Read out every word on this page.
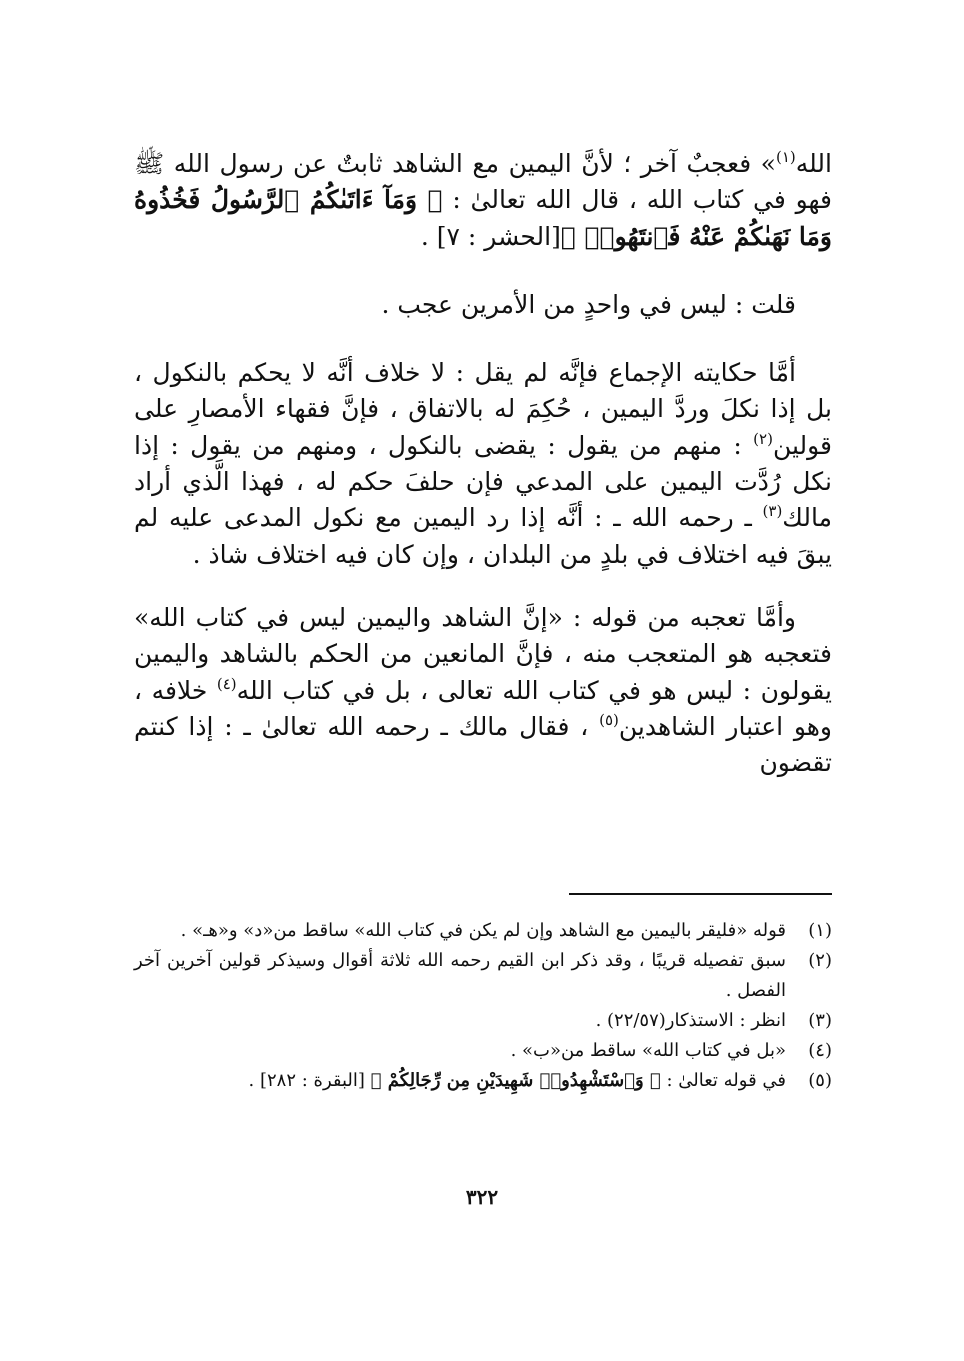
الله$^{(١)}$» فعجبٌ آخر ؛ لأنَّ اليمين مع الشاهد ثابتٌ عن رسول الله ﷺ فهو في كتاب الله ، قال الله تعالىٰ : ﴿ وَمَآ ءَاتَىٰكُمُ ٱلرَّسُولُ فَخُذُوهُ وَمَا نَهَىٰكُمْ عَنْهُ فَٱنتَهُوا۟ ﴾[الحشر : ٧] .

قلت : ليس في واحدٍ من الأمرين عجب .

أمَّا حكايته الإجماع فإنَّه لم يقل : لا خلاف أنَّه لا يحكم بالنكول ، بل إذا نكلَ وردَّ اليمين ، حُكِمَ له بالاتفاق ، فإنَّ فقهاء الأمصارِ على قولين$^{(٢)}$ : منهم من يقول : يقضى بالنكول ، ومنهم من يقول : إذا نكل رُدَّت اليمين على المدعي فإن حلفَ حكم له ، فهذا الَّذي أراد مالك$^{(٣)}$ ـ رحمه الله ـ : أنَّه إذا رد اليمين مع نكول المدعى عليه لم يبقَ فيه اختلاف في بلدٍ من البلدان ، وإن كان فيه اختلاف شاذ .

وأمَّا تعجبه من قوله : «إنَّ الشاهد واليمين ليس في كتاب الله» فتعجبه هو المتعجب منه ، فإنَّ المانعين من الحكم بالشاهد واليمين يقولون : ليس هو في كتاب الله تعالى ، بل في كتاب الله$^{(٤)}$ خلافه ، وهو اعتبار الشاهدين$^{(٥)}$ ، فقال مالك ـ رحمه الله تعالىٰ ـ : إذا كنتم تقضون

(١)
قوله «فليقر باليمين مع الشاهد وإن لم يكن في كتاب الله» ساقط من«د» و«هـ» .
(٢)
سبق تفصيله قريبًا ، وقد ذكر ابن القيم رحمه الله ثلاثة أقوال وسيذكر قولين آخرين آخر الفصل .
(٣)
انظر : الاستذكار(٢٢/٥٧) .
(٤)
«بل في كتاب الله» ساقط من«ب» .
(٥)
في قوله تعالىٰ : ﴿ وَٱسْتَشْهِدُوا۟ شَهِيدَيْنِ مِن رِّجَالِكُمْ ﴾ [البقرة : ٢٨٢] .
٣٢٢
